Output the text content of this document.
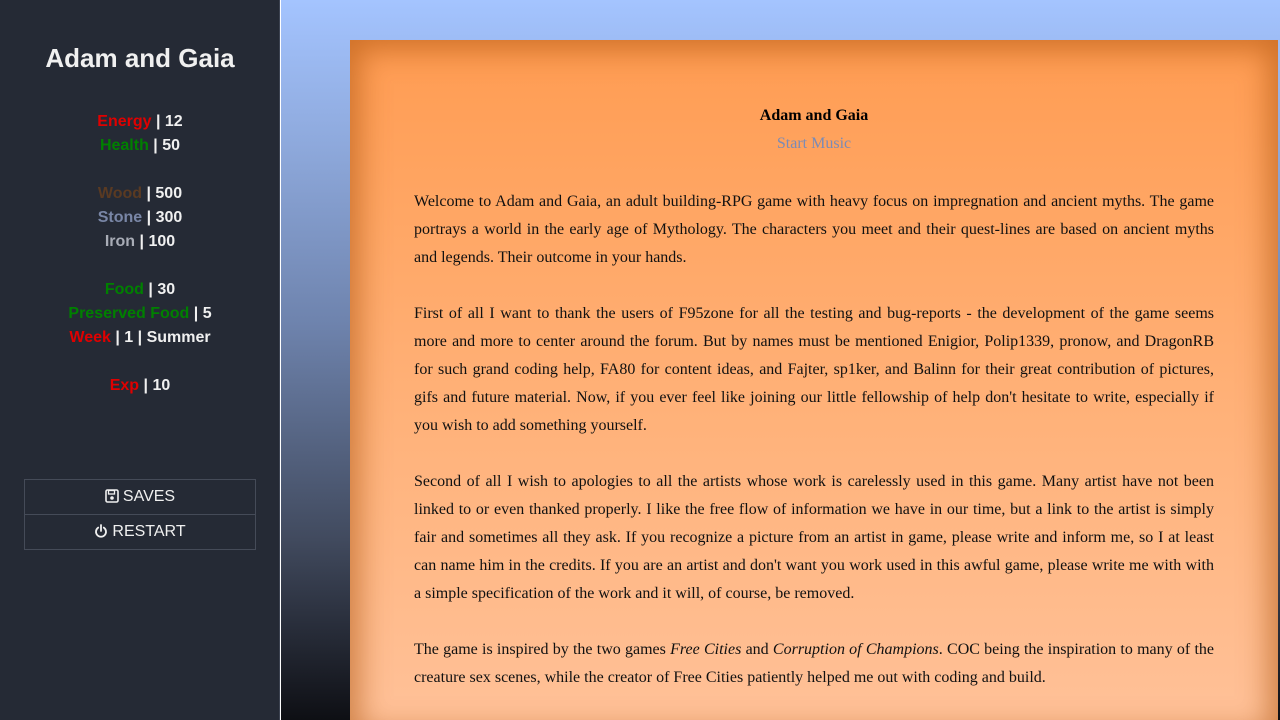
Adam and Gaia
Energy | 12
Health | 50
Wood | 500
Stone | 300
Iron | 100
Food | 30
Preserved Food | 5
Week | 1 | Summer
Exp | 10
SAVES
RESTART
Adam and Gaia
Start Music

Welcome to Adam and Gaia, an adult building-RPG game with heavy focus on impregnation and ancient myths. The game portrays a world in the early age of Mythology. The characters you meet and their quest-lines are based on ancient myths and legends. Their outcome in your hands.

First of all I want to thank the users of F95zone for all the testing and bug-reports - the development of the game seems more and more to center around the forum. But by names must be mentioned Enigior, Polip1339, pronow, and DragonRB for such grand coding help, FA80 for content ideas, and Fajter, sp1ker, and Balinn for their great contribution of pictures, gifs and future material. Now, if you ever feel like joining our little fellowship of help don't hesitate to write, especially if you wish to add something yourself.

Second of all I wish to apologies to all the artists whose work is carelessly used in this game. Many artist have not been linked to or even thanked properly. I like the free flow of information we have in our time, but a link to the artist is simply fair and sometimes all they ask. If you recognize a picture from an artist in game, please write and inform me, so I at least can name him in the credits. If you are an artist and don't want you work used in this awful game, please write me with with a simple specification of the work and it will, of course, be removed.

The game is inspired by the two games Free Cities and Corruption of Champions. COC being the inspiration to many of the creature sex scenes, while the creator of Free Cities patiently helped me out with coding and build.
